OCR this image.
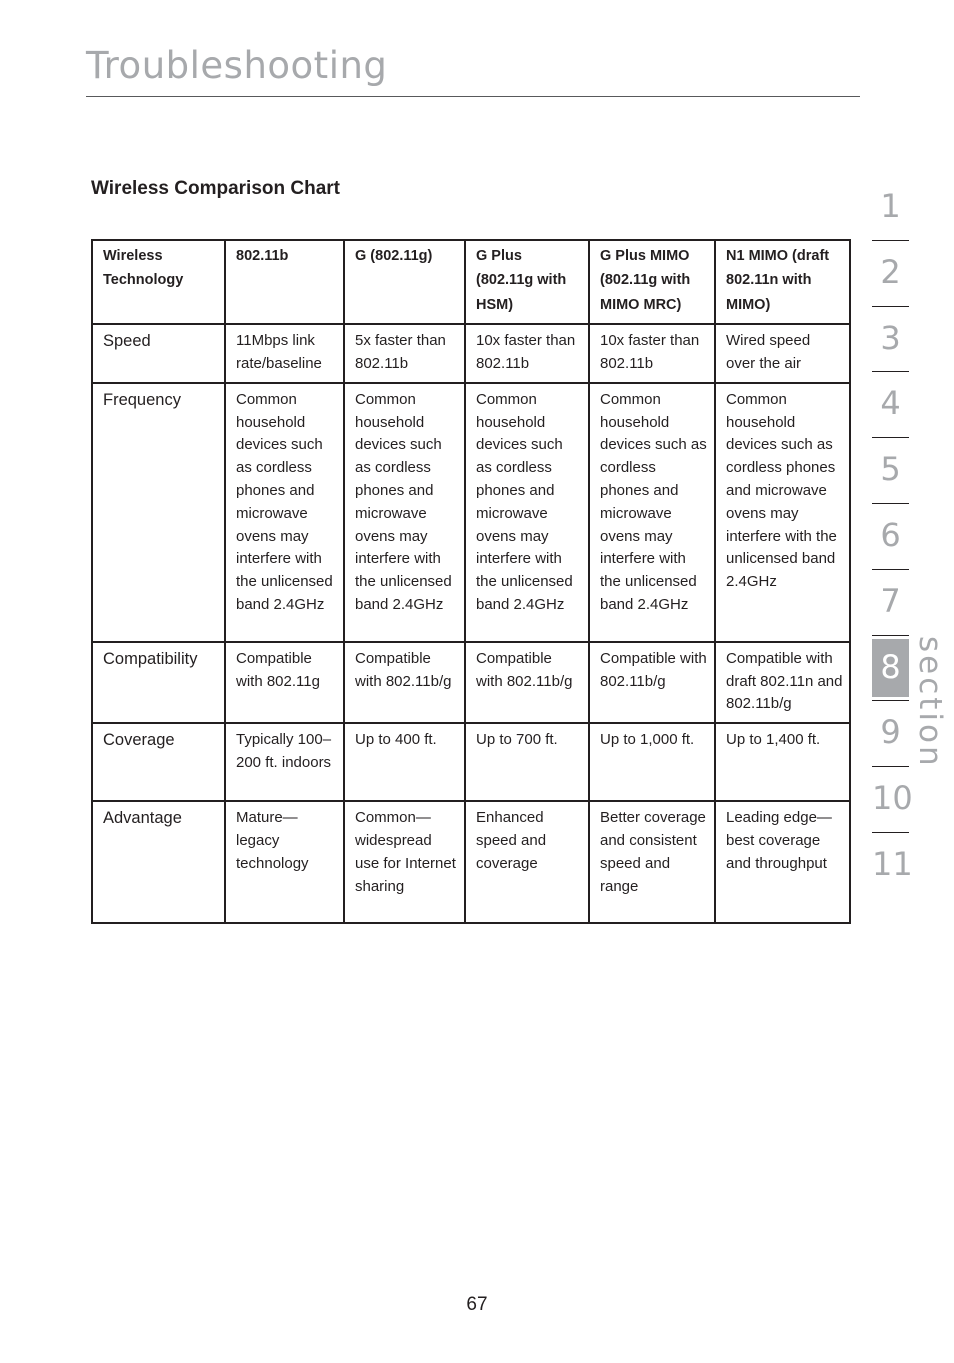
Troubleshooting
Wireless Comparison Chart
Wireless Technology	802.11b	G (802.11g)	G Plus (802.11g with HSM)	G Plus MIMO (802.11g with MIMO MRC)	N1 MIMO (draft 802.11n with MIMO)
Speed	11Mbps link rate/baseline	5x faster than 802.11b	10x faster than 802.11b	10x faster than 802.11b	Wired speed over the air
Frequency	Common household devices such as cordless phones and microwave ovens may interfere with the unlicensed band 2.4GHz	Common household devices such as cordless phones and microwave ovens may interfere with the unlicensed band 2.4GHz	Common household devices such as cordless phones and microwave ovens may interfere with the unlicensed band 2.4GHz	Common household devices such as cordless phones and microwave ovens may interfere with the unlicensed band 2.4GHz	Common household devices such as cordless phones and microwave ovens may interfere with the unlicensed band 2.4GHz
Compatibility	Compatible with 802.11g	Compatible with 802.11b/g	Compatible with 802.11b/g	Compatible with 802.11b/g	Compatible with draft 802.11n and 802.11b/g
Coverage	Typically 100–200 ft. indoors	Up to 400 ft.	Up to 700 ft.	Up to 1,000 ft.	Up to 1,400 ft.
Advantage	Mature—legacy technology	Common—widespread use for Internet sharing	Enhanced speed and coverage	Better coverage and consistent speed and range	Leading edge—best coverage and throughput
1
2
3
4
5
6
7
8
9
10
11
section
67
